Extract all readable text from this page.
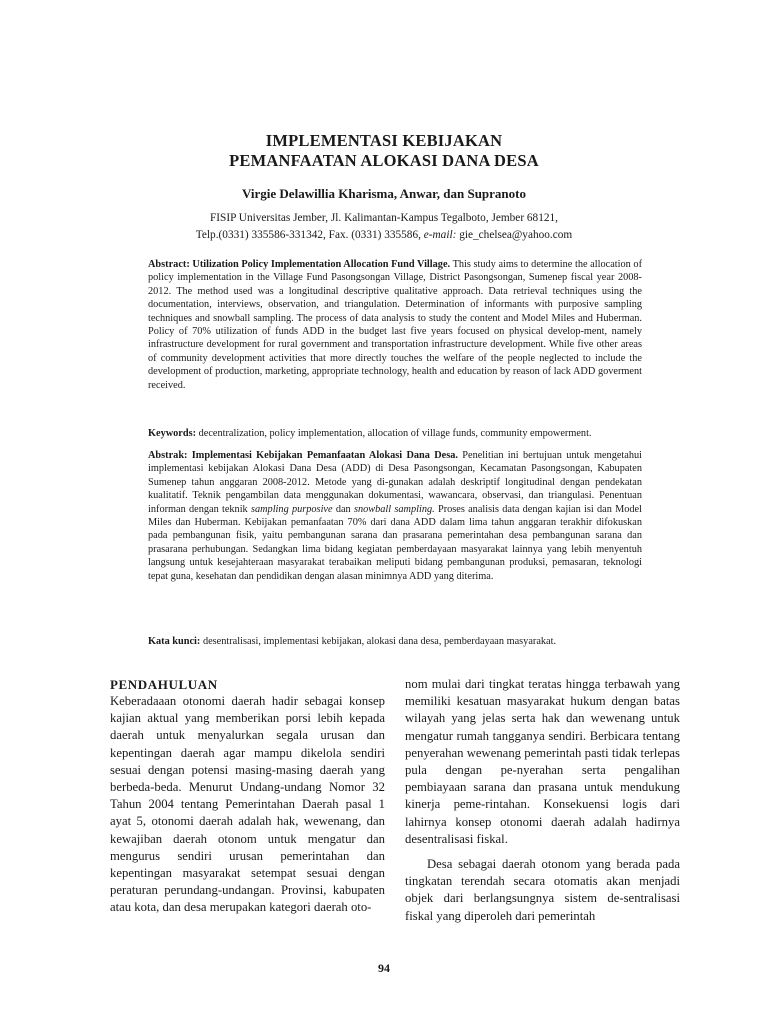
IMPLEMENTASI KEBIJAKAN
PEMANFAATAN ALOKASI DANA DESA
Virgie Delawillia Kharisma, Anwar, dan Supranoto
FISIP Universitas Jember, Jl. Kalimantan-Kampus Tegalboto, Jember 68121,
Telp.(0331) 335586-331342, Fax. (0331) 335586, e-mail: gie_chelsea@yahoo.com
Abstract: Utilization Policy Implementation Allocation Fund Village. This study aims to determine the allocation of policy implementation in the Village Fund Pasongsongan Village, District Pasongsongan, Sumenep fiscal year 2008-2012. The method used was a longitudinal descriptive qualitative approach. Data retrieval techniques using the documentation, interviews, observation, and triangulation. Determination of informants with purposive sampling techniques and snowball sampling. The process of data analysis to study the content and Model Miles and Huberman. Policy of 70% utilization of funds ADD in the budget last five years focused on physical develop-ment, namely infrastructure development for rural government and transportation infrastructure development. While five other areas of community development activities that more directly touches the welfare of the people neglected to include the development of production, marketing, appropriate technology, health and education by reason of lack ADD goverment received.
Keywords: decentralization, policy implementation, allocation of village funds, community empowerment.
Abstrak: Implementasi Kebijakan Pemanfaatan Alokasi Dana Desa. Penelitian ini bertujuan untuk mengetahui implementasi kebijakan Alokasi Dana Desa (ADD) di Desa Pasongsongan, Kecamatan Pasongsongan, Kabupaten Sumenep tahun anggaran 2008-2012. Metode yang di-gunakan adalah deskriptif longitudinal dengan pendekatan kualitatif. Teknik pengambilan data menggunakan dokumentasi, wawancara, observasi, dan triangulasi. Penentuan informan dengan teknik sampling purposive dan snowball sampling. Proses analisis data dengan kajian isi dan Model Miles dan Huberman. Kebijakan pemanfaatan 70% dari dana ADD dalam lima tahun anggaran terakhir difokuskan pada pembangunan fisik, yaitu pembangunan sarana dan prasarana pemerintahan desa pembangunan sarana dan prasarana perhubungan. Sedangkan lima bidang kegiatan pemberdayaan masyarakat lainnya yang lebih menyentuh langsung untuk kesejahteraan masyarakat terabaikan meliputi bidang pembangunan produksi, pemasaran, teknologi tepat guna, kesehatan dan pendidikan dengan alasan minimnya ADD yang diterima.
Kata kunci: desentralisasi, implementasi kebijakan, alokasi dana desa, pemberdayaan masyarakat.
PENDAHULUAN
Keberadaaan otonomi daerah hadir sebagai konsep kajian aktual yang memberikan porsi lebih kepada daerah untuk menyalurkan segala urusan dan kepentingan daerah agar mampu dikelola sendiri sesuai dengan potensi masing-masing daerah yang berbeda-beda. Menurut Undang-undang Nomor 32 Tahun 2004 tentang Pemerintahan Daerah pasal 1 ayat 5, otonomi daerah adalah hak, wewenang, dan kewajiban daerah otonom untuk mengatur dan mengurus sendiri urusan pemerintahan dan kepentingan masyarakat setempat sesuai dengan peraturan perundang-undangan. Provinsi, kabupaten atau kota, dan desa merupakan kategori daerah oto-
nom mulai dari tingkat teratas hingga terbawah yang memiliki kesatuan masyarakat hukum dengan batas wilayah yang jelas serta hak dan wewenang untuk mengatur rumah tangganya sendiri. Berbicara tentang penyerahan wewenang pemerintah pasti tidak terlepas pula dengan pe-nyerahan serta pengalihan pembiayaan sarana dan prasana untuk mendukung kinerja peme-rintahan. Konsekuensi logis dari lahirnya konsep otonomi daerah adalah hadirnya desentralisasi fiskal.
Desa sebagai daerah otonom yang berada pada tingkatan terendah secara otomatis akan menjadi objek dari berlangsungnya sistem de-sentralisasi fiskal yang diperoleh dari pemerintah
94
